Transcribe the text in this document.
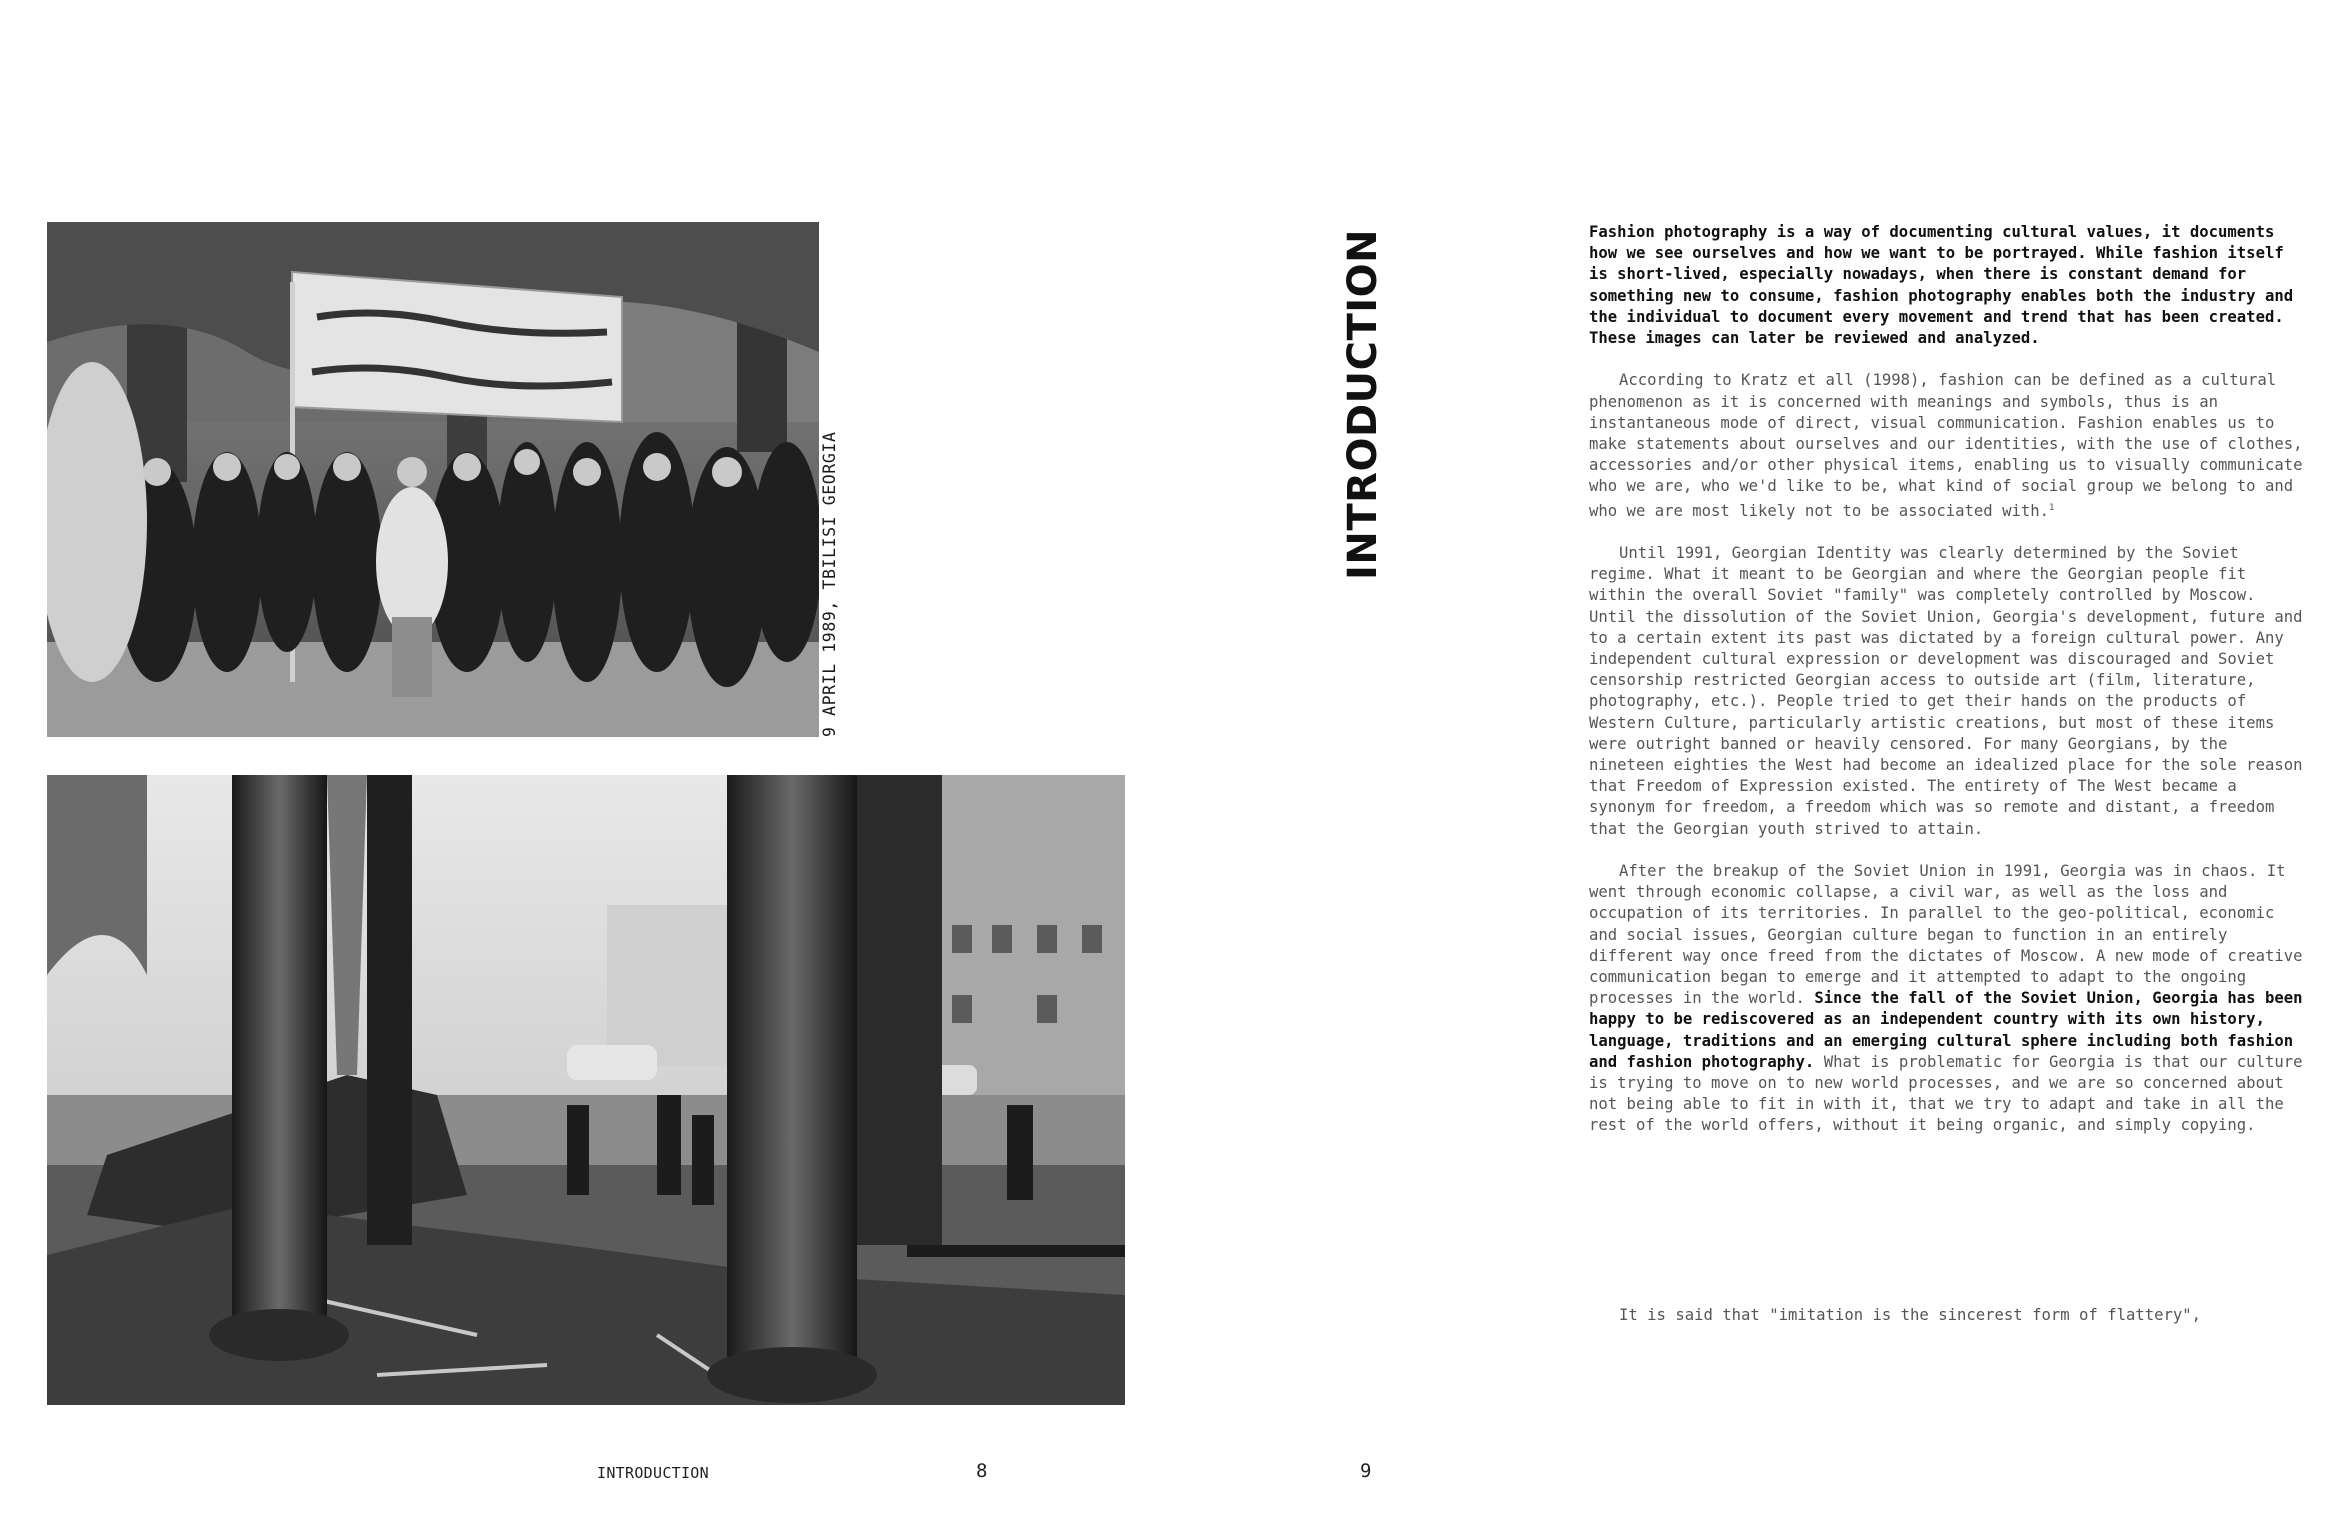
9 APRIL 1989, TBILISI GEORGIA
INTRODUCTION	8
INTRODUCTION	Fashion photography is a way of documenting cultural values, it documents how we see ourselves and how we want to be portrayed. While fashion itself is short-lived, especially nowadays, when there is constant demand for something new to consume, fashion photography enables both the industry and the individual to document every movement and trend that has been created. These images can later be reviewed and analyzed.

According to Kratz et all (1998), fashion can be defined as a cultural phenomenon as it is concerned with meanings and symbols, thus is an instantaneous mode of direct, visual communication. Fashion enables us to make statements about ourselves and our identities, with the use of clothes, accessories and/or other physical items, enabling us to visually communicate who we are, who we'd like to be, what kind of social group we belong to and who we are most likely not to be associated with.$^1$

Until 1991, Georgian Identity was clearly determined by the Soviet regime. What it meant to be Georgian and where the Georgian people fit within the overall Soviet "family" was completely controlled by Moscow. Until the dissolution of the Soviet Union, Georgia's development, future and to a certain extent its past was dictated by a foreign cultural power. Any independent cultural expression or development was discouraged and Soviet censorship restricted Georgian access to outside art (film, literature, photography, etc.). People tried to get their hands on the products of Western Culture, particularly artistic creations, but most of these items were outright banned or heavily censored. For many Georgians, by the nineteen eighties the West had become an idealized place for the sole reason that Freedom of Expression existed. The entirety of The West became a synonym for freedom, a freedom which was so remote and distant, a freedom that the Georgian youth strived to attain.

After the breakup of the Soviet Union in 1991, Georgia was in chaos. It went through economic collapse, a civil war, as well as the loss and occupation of its territories. In parallel to the geo-political, economic and social issues, Georgian culture began to function in an entirely different way once freed from the dictates of Moscow. A new mode of creative communication began to emerge and it attempted to adapt to the ongoing processes in the world. Since the fall of the Soviet Union, Georgia has been happy to be rediscovered as an independent country with its own history, language, traditions and an emerging cultural sphere including both fashion and fashion photography. What is problematic for Georgia is that our culture is trying to move on to new world processes, and we are so concerned about not being able to fit in with it, that we try to adapt and take in all the rest of the world offers, without it being organic, and simply copying.

It is said that "imitation is the sincerest form of flattery",
9
